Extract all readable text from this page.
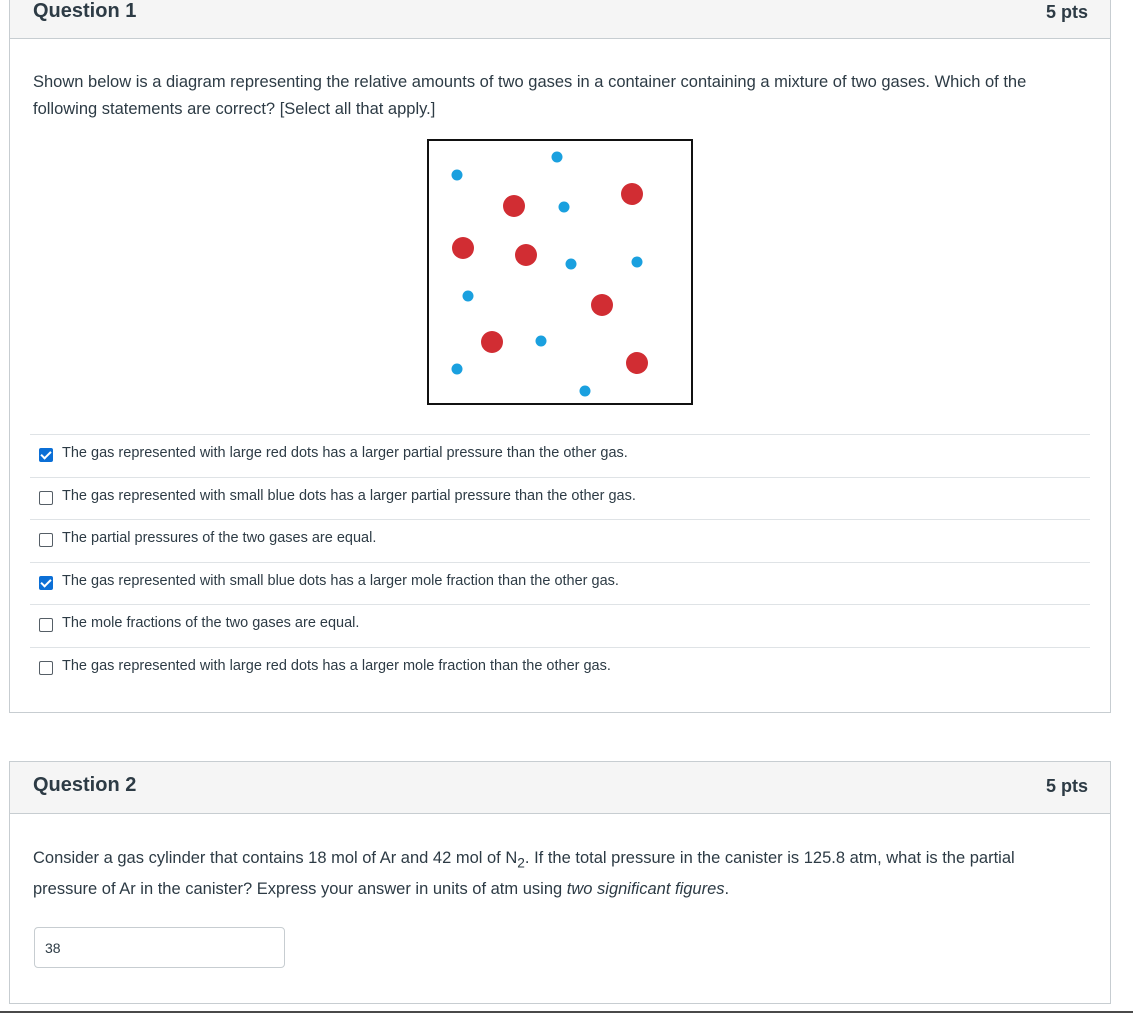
Question 1	5 pts
Shown below is a diagram representing the relative amounts of two gases in a container containing a mixture of two gases. Which of the following statements are correct? [Select all that apply.]
The gas represented with large red dots has a larger partial pressure than the other gas.
The gas represented with small blue dots has a larger partial pressure than the other gas.
The partial pressures of the two gases are equal.
The gas represented with small blue dots has a larger mole fraction than the other gas.
The mole fractions of the two gases are equal.
The gas represented with large red dots has a larger mole fraction than the other gas.
Question 2	5 pts
Consider a gas cylinder that contains 18 mol of Ar and 42 mol of $N_2$. If the total pressure in the canister is 125.8 atm, what is the partial pressure of Ar in the canister? Express your answer in units of atm using two significant figures.
38
